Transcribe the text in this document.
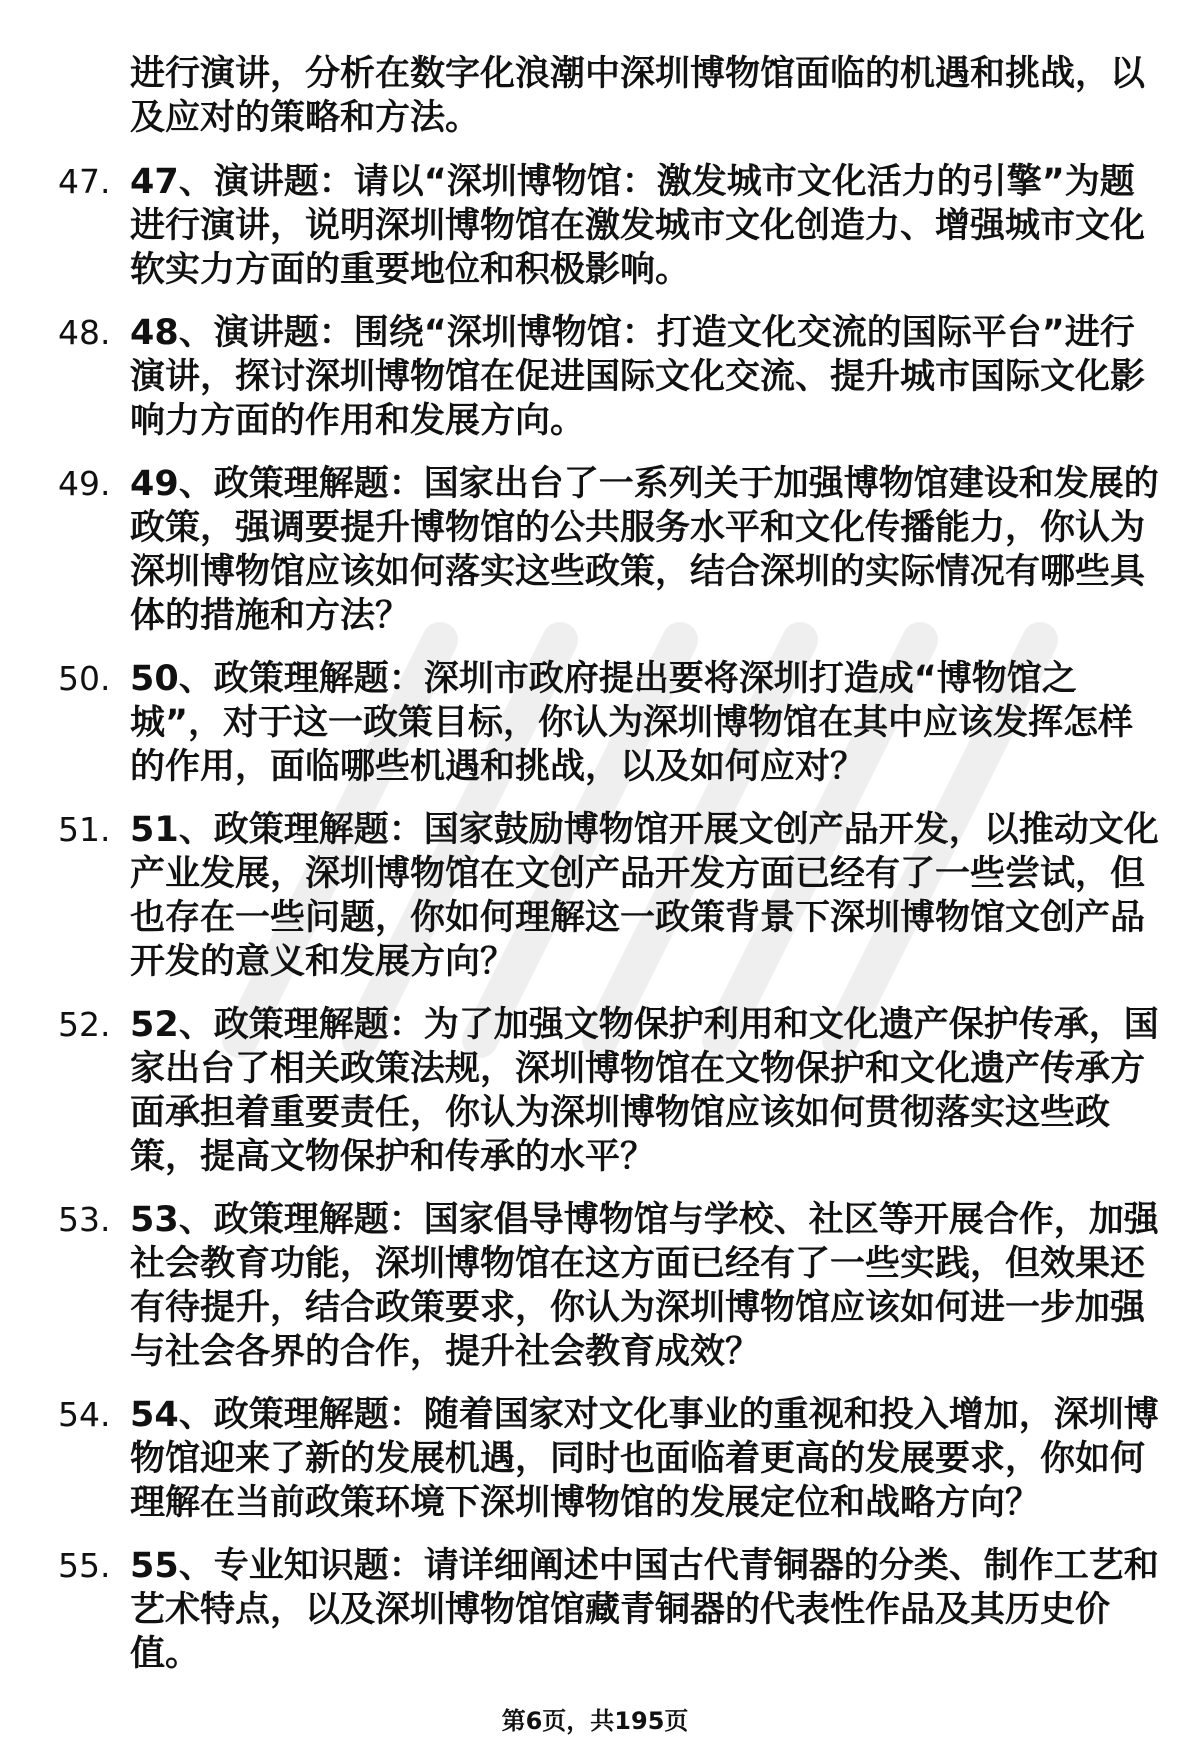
进行演讲，分析在数字化浪潮中深圳博物馆面临的机遇和挑战，以及应对的策略和方法。
47. 47、演讲题：请以“深圳博物馆：激发城市文化活力的引擎”为题进行演讲，说明深圳博物馆在激发城市文化创造力、增强城市文化软实力方面的重要地位和积极影响。
48. 48、演讲题：围绕“深圳博物馆：打造文化交流的国际平台”进行演讲，探讨深圳博物馆在促进国际文化交流、提升城市国际文化影响力方面的作用和发展方向。
49. 49、政策理解题：国家出台了一系列关于加强博物馆建设和发展的政策，强调要提升博物馆的公共服务水平和文化传播能力，你认为深圳博物馆应该如何落实这些政策，结合深圳的实际情况有哪些具体的措施和方法？
50. 50、政策理解题：深圳市政府提出要将深圳打造成“博物馆之城”，对于这一政策目标，你认为深圳博物馆在其中应该发挥怎样的作用，面临哪些机遇和挑战，以及如何应对？
51. 51、政策理解题：国家鼓励博物馆开展文创产品开发，以推动文化产业发展，深圳博物馆在文创产品开发方面已经有了一些尝试，但也存在一些问题，你如何理解这一政策背景下深圳博物馆文创产品开发的意义和发展方向？
52. 52、政策理解题：为了加强文物保护利用和文化遗产保护传承，国家出台了相关政策法规，深圳博物馆在文物保护和文化遗产传承方面承担着重要责任，你认为深圳博物馆应该如何贯彻落实这些政策，提高文物保护和传承的水平？
53. 53、政策理解题：国家倡导博物馆与学校、社区等开展合作，加强社会教育功能，深圳博物馆在这方面已经有了一些实践，但效果还有待提升，结合政策要求，你认为深圳博物馆应该如何进一步加强与社会各界的合作，提升社会教育成效？
54. 54、政策理解题：随着国家对文化事业的重视和投入增加，深圳博物馆迎来了新的发展机遇，同时也面临着更高的发展要求，你如何理解在当前政策环境下深圳博物馆的发展定位和战略方向？
55. 55、专业知识题：请详细阐述中国古代青铜器的分类、制作工艺和艺术特点，以及深圳博物馆馆藏青铜器的代表性作品及其历史价值。
第6页，共195页
